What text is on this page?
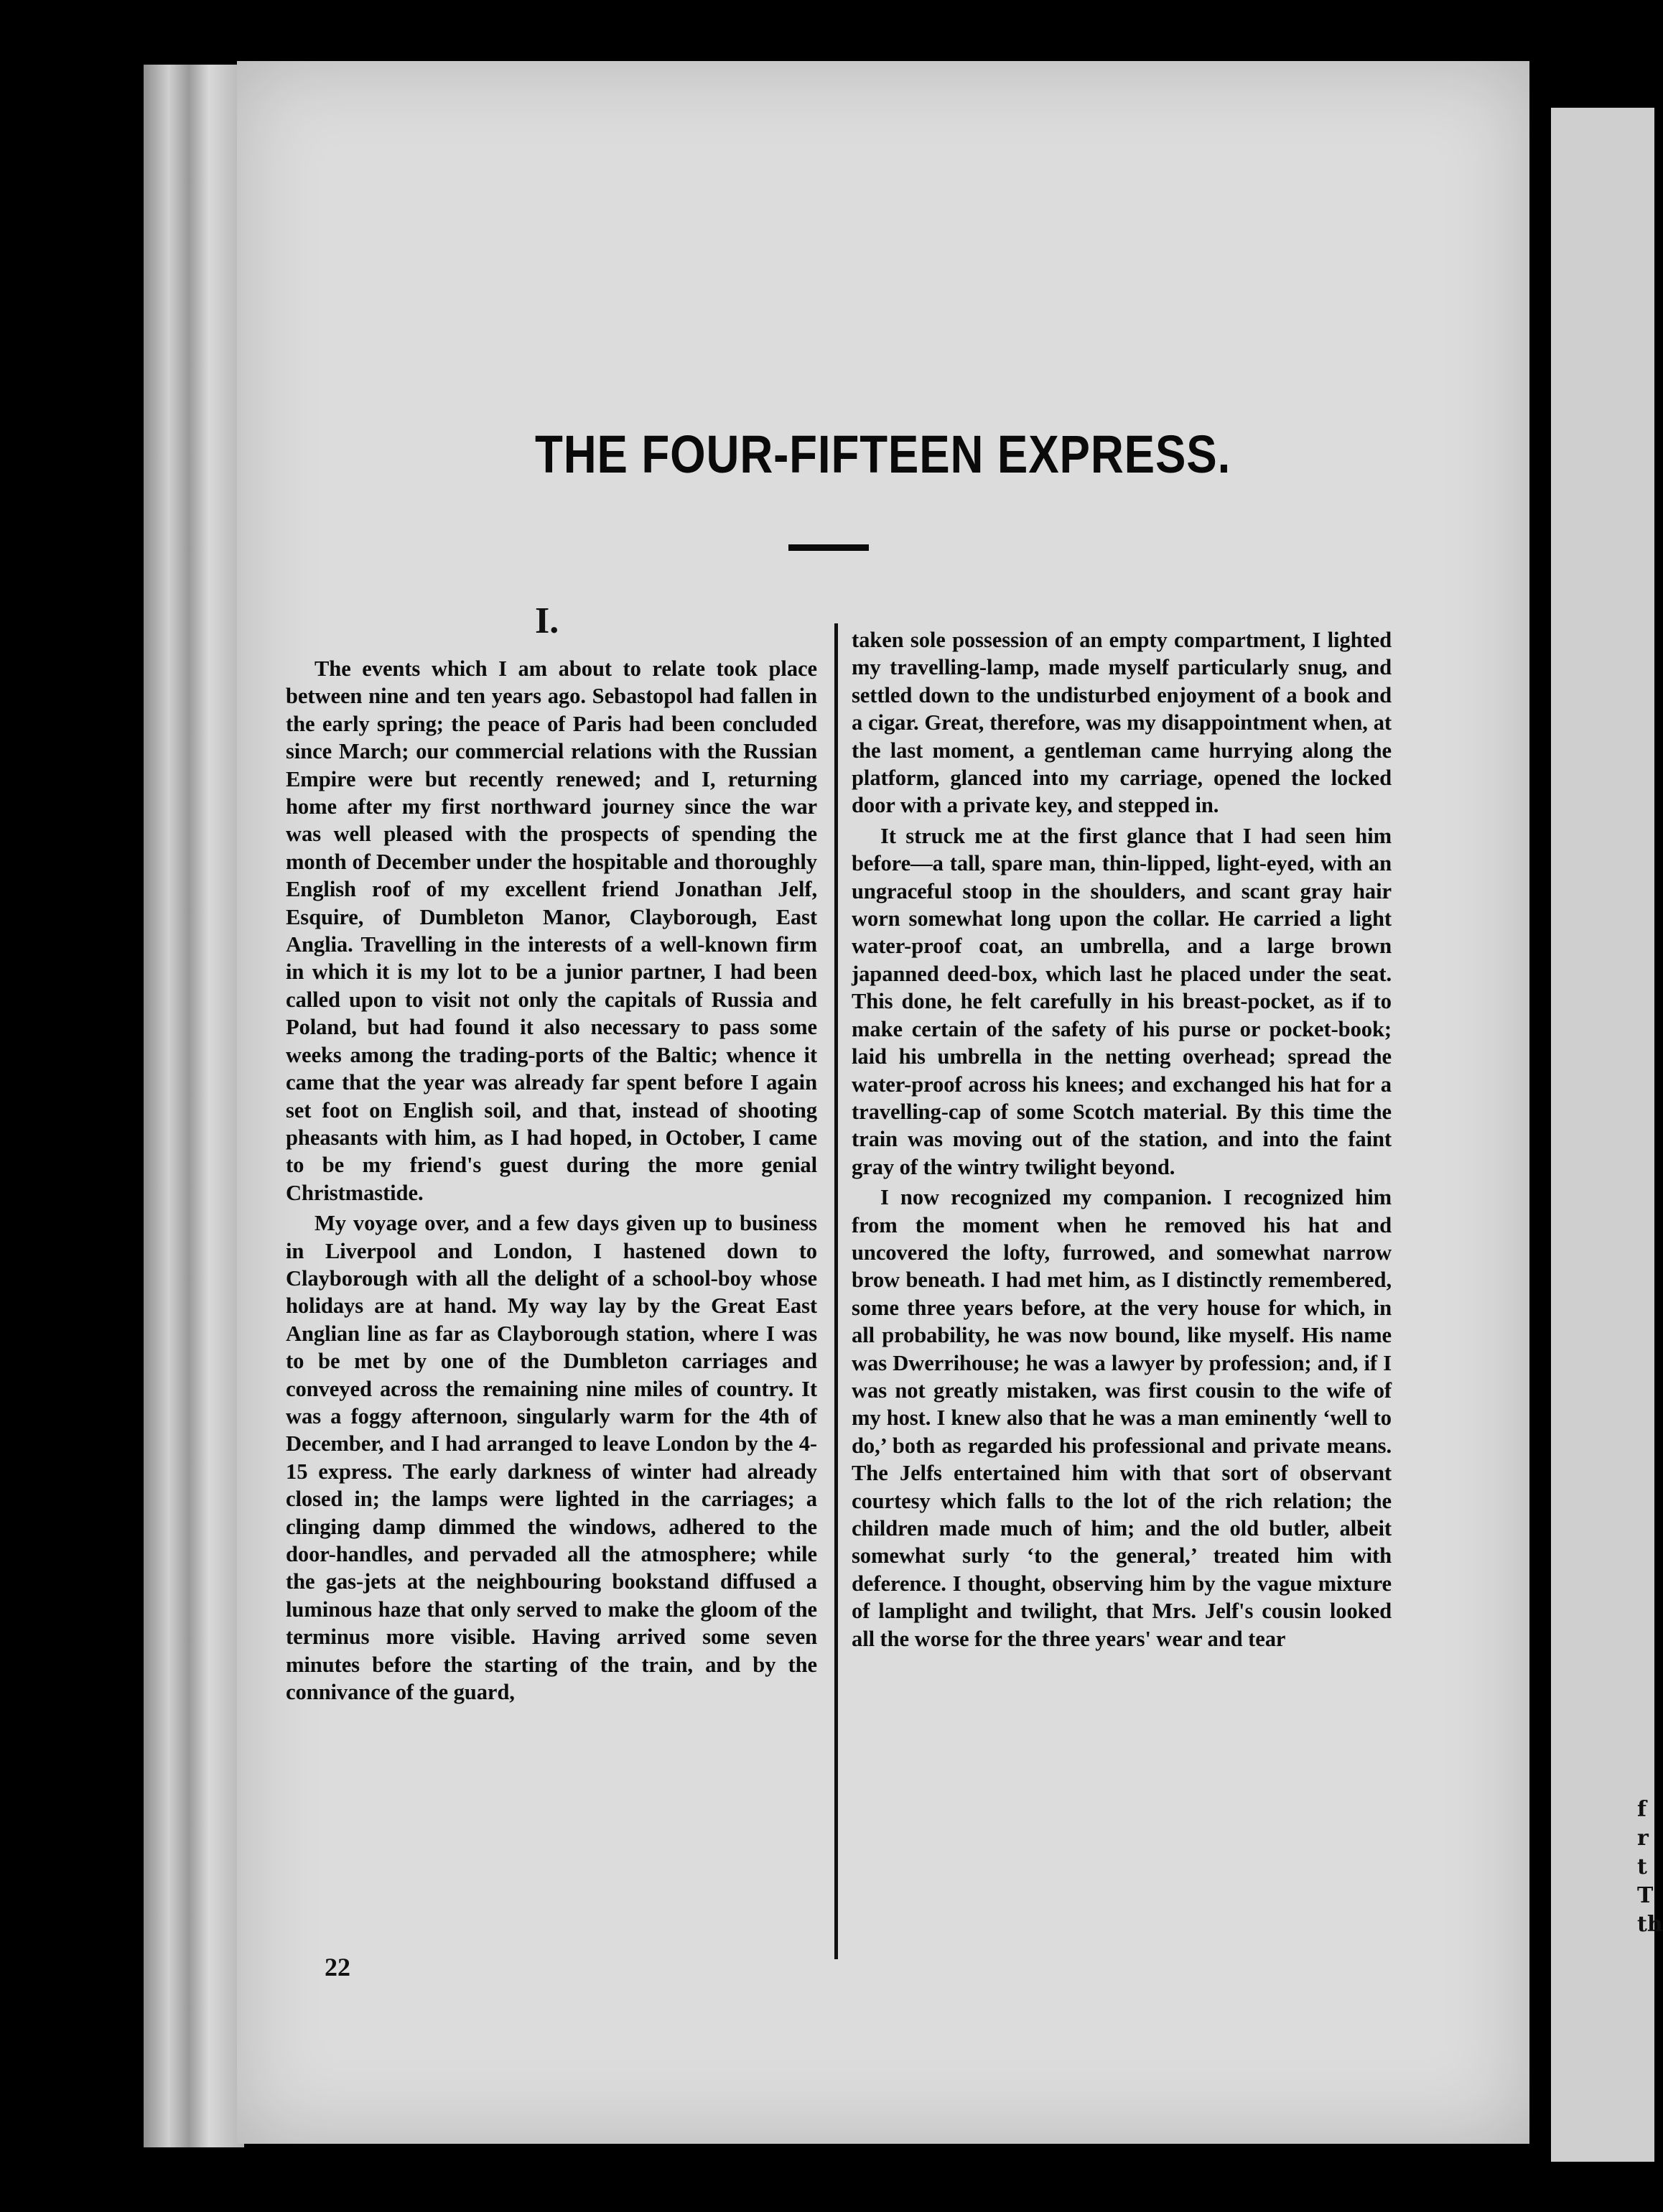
f
r
t
T
th
THE FOUR-FIFTEEN EXPRESS.
I.

The events which I am about to relate took place between nine and ten years ago. Sebastopol had fallen in the early spring; the peace of Paris had been concluded since March; our commercial relations with the Russian Empire were but recently renewed; and I, returning home after my first northward journey since the war was well pleased with the prospects of spending the month of December under the hospitable and thoroughly English roof of my excellent friend Jonathan Jelf, Esquire, of Dumbleton Manor, Clayborough, East Anglia. Travelling in the interests of a well-known firm in which it is my lot to be a junior partner, I had been called upon to visit not only the capitals of Russia and Poland, but had found it also necessary to pass some weeks among the trading-ports of the Baltic; whence it came that the year was already far spent before I again set foot on English soil, and that, instead of shooting pheasants with him, as I had hoped, in October, I came to be my friend's guest during the more genial Christmastide.

My voyage over, and a few days given up to business in Liverpool and London, I hastened down to Clayborough with all the delight of a school-boy whose holidays are at hand. My way lay by the Great East Anglian line as far as Clayborough station, where I was to be met by one of the Dumbleton carriages and conveyed across the remaining nine miles of country. It was a foggy afternoon, singularly warm for the 4th of December, and I had arranged to leave London by the 4-15 express. The early darkness of winter had already closed in; the lamps were lighted in the carriages; a clinging damp dimmed the windows, adhered to the door-handles, and pervaded all the atmosphere; while the gas-jets at the neighbouring bookstand diffused a luminous haze that only served to make the gloom of the terminus more visible. Having arrived some seven minutes before the starting of the train, and by the connivance of the guard,

taken sole possession of an empty compartment, I lighted my travelling-lamp, made myself particularly snug, and settled down to the undisturbed enjoyment of a book and a cigar. Great, therefore, was my disappointment when, at the last moment, a gentleman came hurrying along the platform, glanced into my carriage, opened the locked door with a private key, and stepped in.

It struck me at the first glance that I had seen him before—a tall, spare man, thin-lipped, light-eyed, with an ungraceful stoop in the shoulders, and scant gray hair worn somewhat long upon the collar. He carried a light water-proof coat, an umbrella, and a large brown japanned deed-box, which last he placed under the seat. This done, he felt carefully in his breast-pocket, as if to make certain of the safety of his purse or pocket-book; laid his umbrella in the netting overhead; spread the water-proof across his knees; and exchanged his hat for a travelling-cap of some Scotch material. By this time the train was moving out of the station, and into the faint gray of the wintry twilight beyond.

I now recognized my companion. I recognized him from the moment when he removed his hat and uncovered the lofty, furrowed, and somewhat narrow brow beneath. I had met him, as I distinctly remembered, some three years before, at the very house for which, in all probability, he was now bound, like myself. His name was Dwerrihouse; he was a lawyer by profession; and, if I was not greatly mistaken, was first cousin to the wife of my host. I knew also that he was a man eminently ‘well to do,’ both as regarded his professional and private means. The Jelfs entertained him with that sort of observant courtesy which falls to the lot of the rich relation; the children made much of him; and the old butler, albeit somewhat surly ‘to the general,’ treated him with deference. I thought, observing him by the vague mixture of lamplight and twilight, that Mrs. Jelf's cousin looked all the worse for the three years' wear and tear

22
